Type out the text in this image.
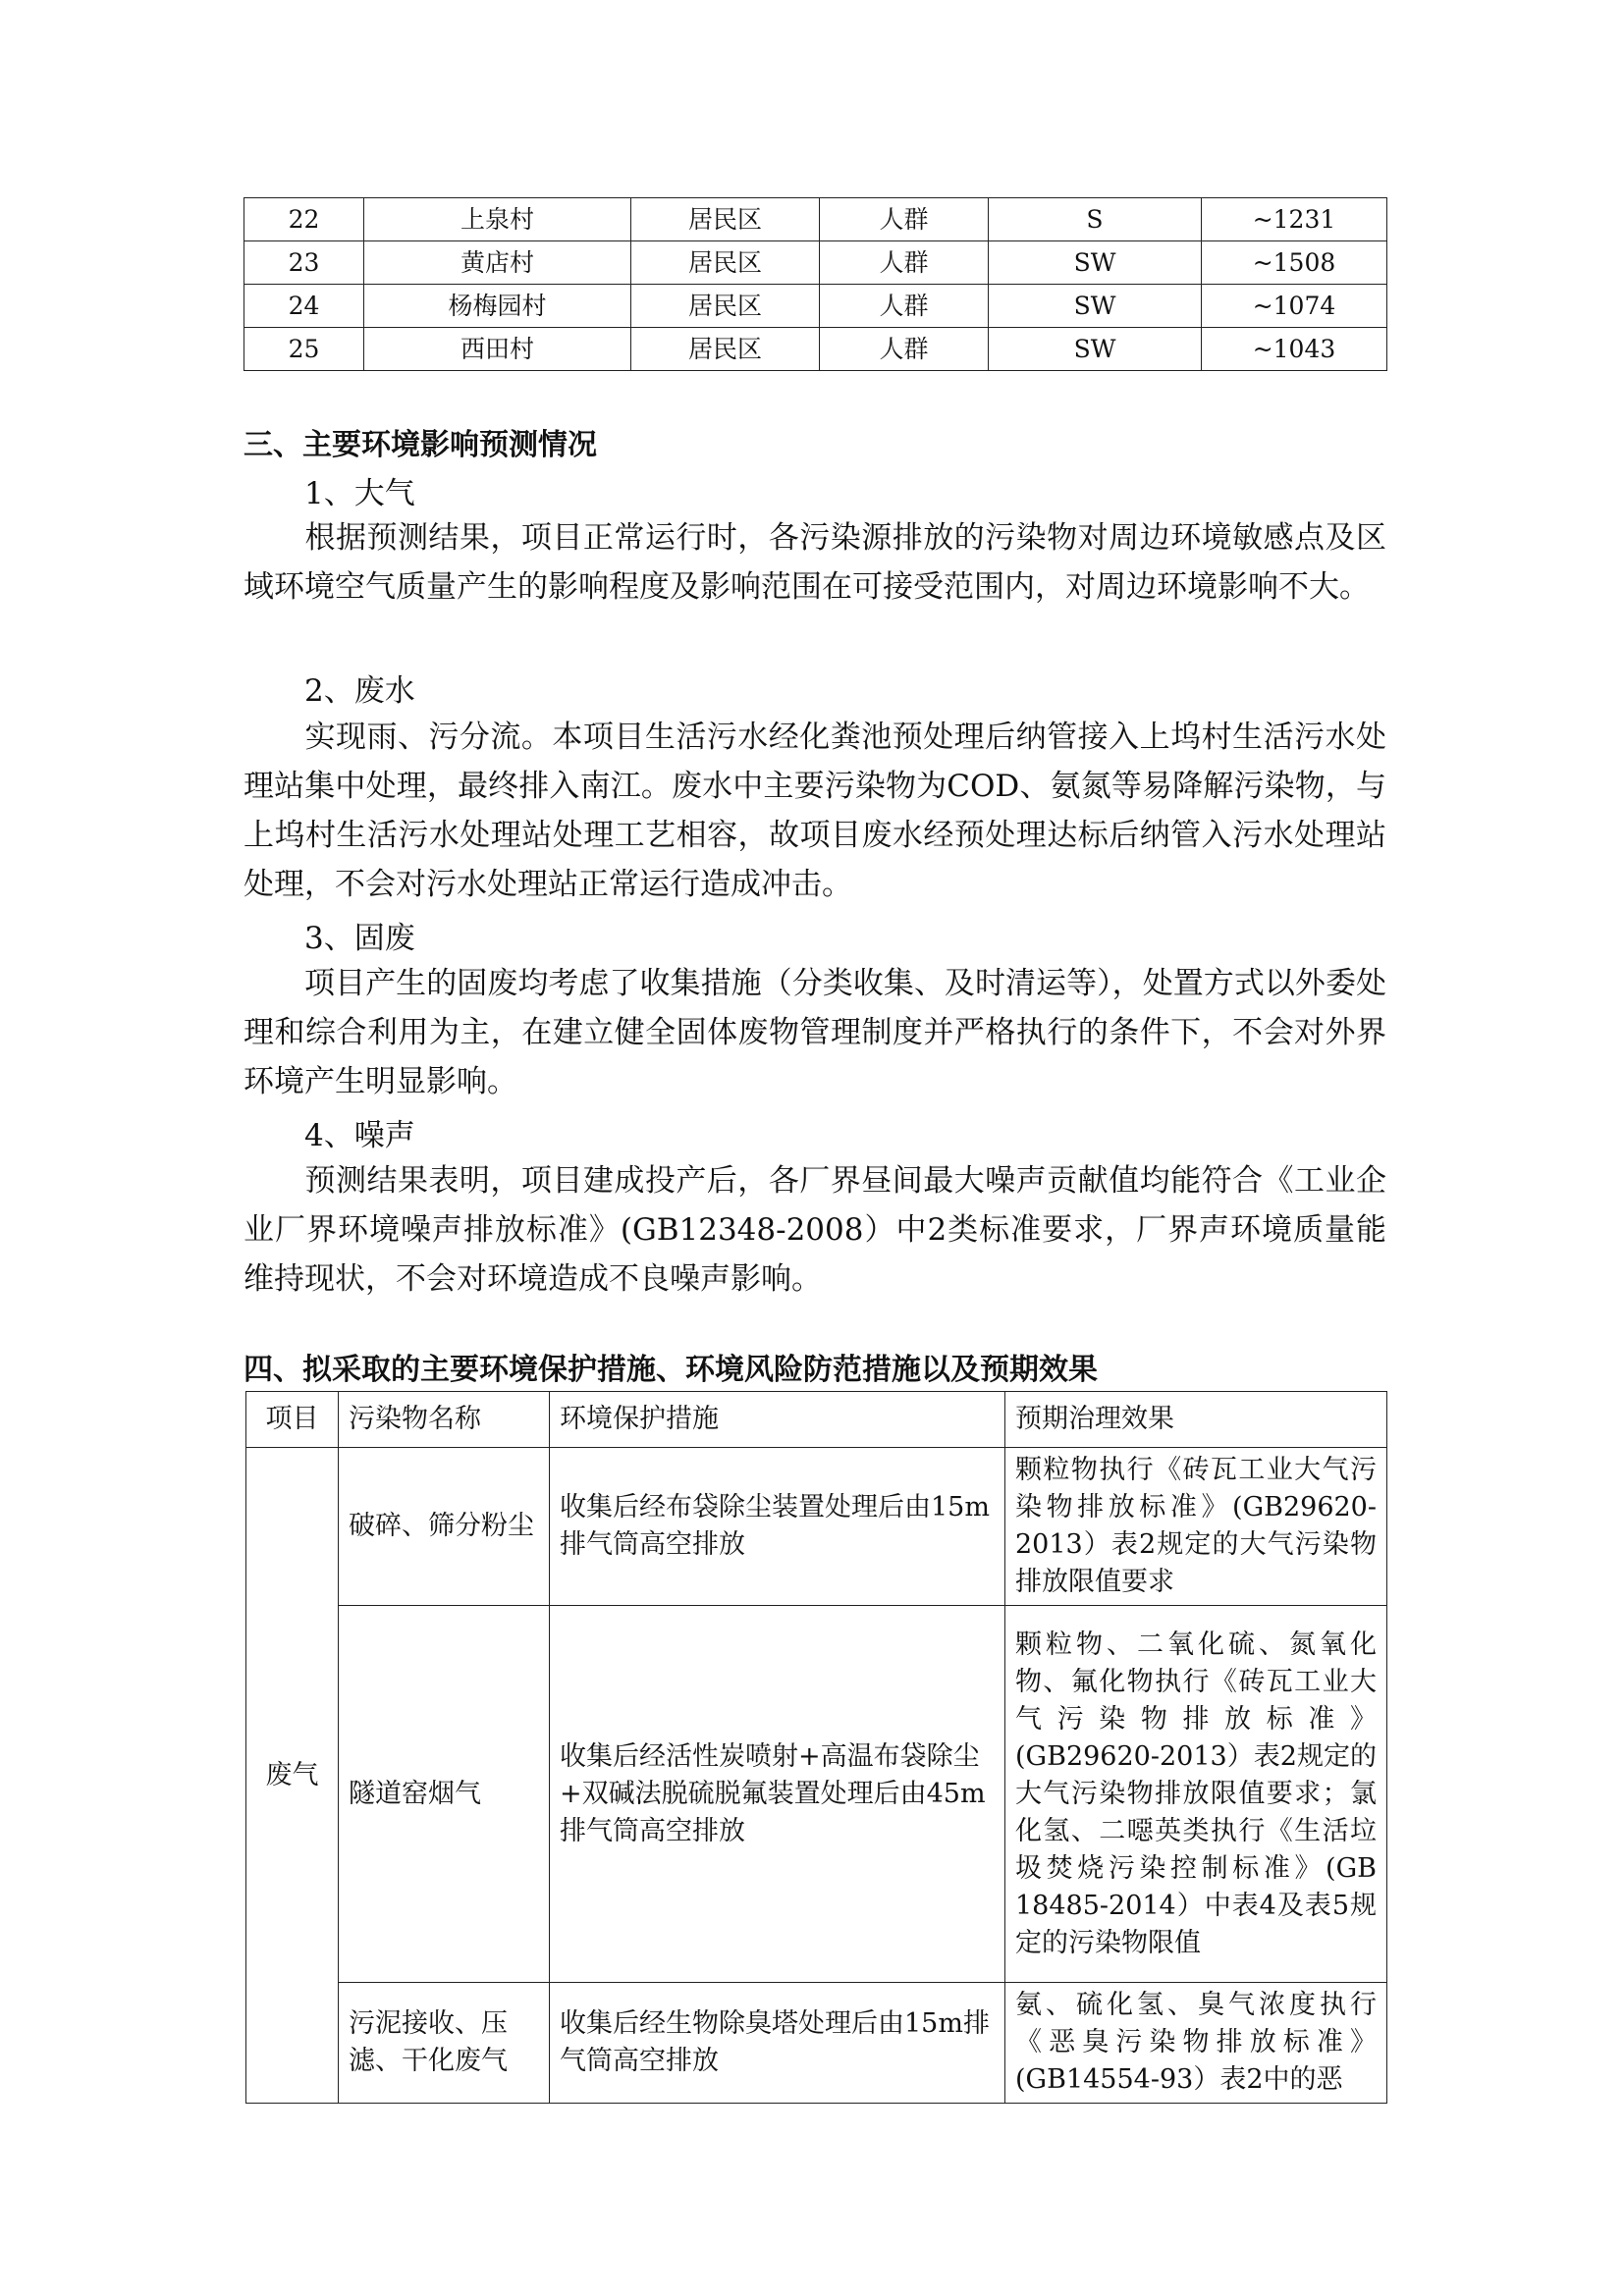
22	上泉村	居民区	人群	S	~1231
23	黄店村	居民区	人群	SW	~1508
24	杨梅园村	居民区	人群	SW	~1074
25	西田村	居民区	人群	SW	~1043
三、主要环境影响预测情况

1、大气

根据预测结果，项目正常运行时，各污染源排放的污染物对周边环境敏感点及区域环境空气质量产生的影响程度及影响范围在可接受范围内，对周边环境影响不大。

2、废水

实现雨、污分流。本项目生活污水经化粪池预处理后纳管接入上坞村生活污水处理站集中处理，最终排入南江。废水中主要污染物为COD、氨氮等易降解污染物，与上坞村生活污水处理站处理工艺相容，故项目废水经预处理达标后纳管入污水处理站处理，不会对污水处理站正常运行造成冲击。

3、固废

项目产生的固废均考虑了收集措施（分类收集、及时清运等），处置方式以外委处理和综合利用为主，在建立健全固体废物管理制度并严格执行的条件下，不会对外界环境产生明显影响。

4、噪声

预测结果表明，项目建成投产后，各厂界昼间最大噪声贡献值均能符合《工业企业厂界环境噪声排放标准》(GB12348-2008）中2类标准要求，厂界声环境质量能维持现状，不会对环境造成不良噪声影响。

四、拟采取的主要环境保护措施、环境风险防范措施以及预期效果
项目	污染物名称	环境保护措施	预期治理效果
废气	破碎、筛分粉尘	收集后经布袋除尘装置处理后由15m排气筒高空排放	颗粒物执行《砖瓦工业大气污染物排放标准》(GB29620-2013）表2规定的大气污染物排放限值要求
	隧道窑烟气	收集后经活性炭喷射+高温布袋除尘+双碱法脱硫脱氟装置处理后由45m排气筒高空排放	颗粒物、二氧化硫、氮氧化物、氟化物执行《砖瓦工业大气污染物排放标准》(GB29620-2013）表2规定的大气污染物排放限值要求；氯化氢、二噁英类执行《生活垃圾焚烧污染控制标准》(GB 18485-2014）中表4及表5规定的污染物限值
	污泥接收、压滤、干化废气	收集后经生物除臭塔处理后由15m排气筒高空排放	氨、硫化氢、臭气浓度执行《恶臭污染物排放标准》(GB14554-93）表2中的恶
